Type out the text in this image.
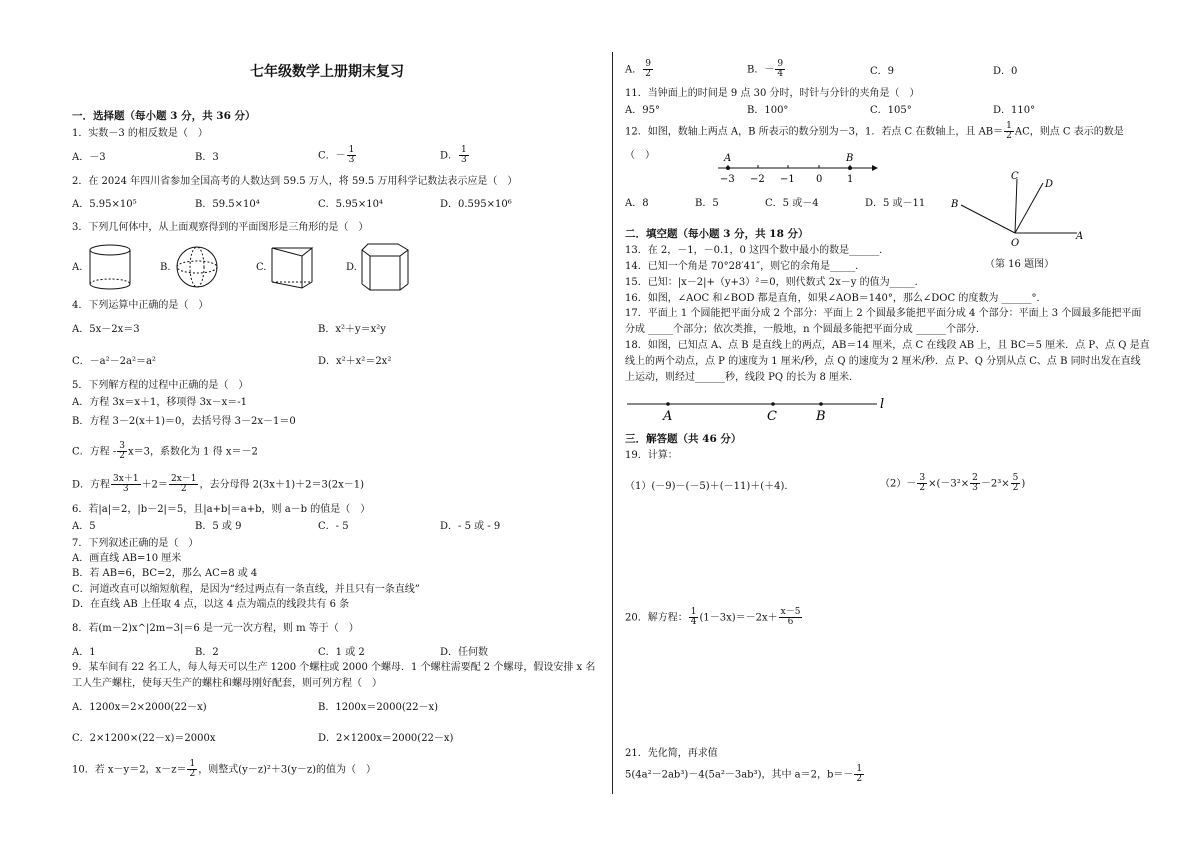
七年级数学上册期末复习
一．选择题（每小题 3 分，共 36 分）
1．实数－3 的相反数是（　）
A．－3	B．3	C．－ $\frac{1}{3}$	D． $\frac{1}{3}$
2．在 2024 年四川省参加全国高考的人数达到 59.5 万人，将 59.5 万用科学记数法表示应是（　）
A．5.95×10⁵	B．59.5×10⁴	C．5.95×10⁴	D．0.595×10⁶
3．下列几何体中，从上面观察得到的平面图形是三角形的是（　）
A.	B.	C.	D.
4．下列运算中正确的是（　）
A．5x－2x＝3	B．x²＋y＝x²y
C．－a²－2a²＝a²	D．x²＋x²＝2x²
5．下列解方程的过程中正确的是（　）
A．方程 3x＝x＋1，移项得 3x－x＝-1
B．方程 3－2(x＋1)＝0，去括号得 3－2x－1＝0
C．方程 - $\frac{3}{2} x=3$，系数化为 1 得 x＝－2
D．方程 $\frac{3x+1}{3} +2= \frac{2x-1}{2}$ ，去分母得 2(3x＋1)＋2＝3(2x－1)
6．若|a|＝2，|b－2|＝5，且|a+b|＝a+b，则 a－b 的值是（　）
A．5	B．5 或 9	C．- 5	D．- 5 或 - 9
7．下列叙述正确的是（　）
A．画直线 AB=10 厘米
B．若 AB=6，BC=2，那么 AC=8 或 4
C．河道改直可以缩短航程，是因为“经过两点有一条直线，并且只有一条直线”
D．在直线 AB 上任取 4 点，以这 4 点为端点的线段共有 6 条
8．若(m－2)x^|2m−3|＝6 是一元一次方程，则 m 等于（　）
A．1	B．2	C．1 或 2	D．任何数
9．某车间有 22 名工人，每人每天可以生产 1200 个螺柱或 2000 个螺母．1 个螺柱需要配 2 个螺母，假设安排 x 名
工人生产螺柱，使每天生产的螺柱和螺母刚好配套，则可列方程（　）
A．1200x＝2×2000(22－x)	B．1200x＝2000(22－x)
C．2×1200×(22－x)＝2000x	D．2×1200x＝2000(22－x)
10．若 x－y＝2，$x-z= \frac{1}{2}$ ，则整式(y－z)²＋3(y－z)的值为（　）
A． $\frac{9}{2}$	B．－ $\frac{9}{4}$	C．9	D．0
11．当钟面上的时间是 9 点 30 分时，时针与分针的夹角是（　）
A．95°	B．100°	C．105°	D．110°
12．如图，数轴上两点 A，B 所表示的数分别为－3，1．若点 C 在数轴上，且 $AB= \frac{1}{2}$ AC，则点 C 表示的数是
（　）	A	B
−3 −2 −1 0 1
A．8	B．5	C．5 或－4	D．5 或－11
C
D
B
O
A
（第 16 题图）
二．填空题（每小题 3 分，共 18 分）
13．在 2，－1，－0.1，0 这四个数中最小的数是______．
14．已知一个角是 70°28′41″，则它的余角是_____．
15．已知：|x－2|+（y+3）²＝0，则代数式 2x－y 的值为_____．
16．如图，∠AOC 和∠BOD 都是直角，如果∠AOB＝140°，那么∠DOC 的度数为 ______°．
17．平面上 1 个圆能把平面分成 2 个部分：平面上 2 个圆最多能把平面分成 4 个部分：平面上 3 个圆最多能把平面
分成 _____个部分；依次类推，一般地，n 个圆最多能把平面分成 ______个部分．
18．如图，已知点 A、点 B 是直线上的两点，AB＝14 厘米，点 C 在线段 AB 上，且 BC＝5 厘米．点 P、点 Q 是直
线上的两个动点，点 P 的速度为 1 厘米/秒，点 Q 的速度为 2 厘米/秒．点 P、Q 分别从点 C、点 B 同时出发在直线
上运动，则经过______秒，线段 PQ 的长为 8 厘米．
A	C	B
l
三．解答题（共 46 分）
19．计算：
（1）(－9)－(－5)＋(－11)＋(＋4)．	$(2)- \frac{3}{2} \times(-3^2\times \frac{2}{3} -2^3\times \frac{5}{2}$ )
20．解方程： $\frac{1}{4} (1-3x)=-2x+ \frac{x-5}{6}$
21．先化简，再求值
5(4a²－2ab³)－4(5a²－3ab³)，其中 a＝2，$b=- \frac{1}{2}$
